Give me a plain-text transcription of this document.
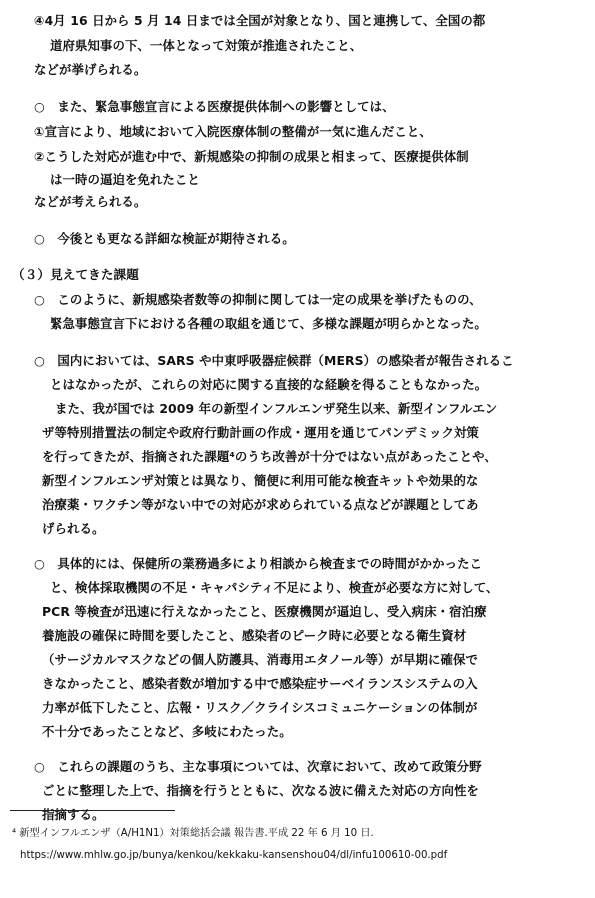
④4月 16 日から 5 月 14 日までは全国が対象となり、国と連携して、全国の都
道府県知事の下、一体となって対策が推進されたこと、
などが挙げられる。
○　また、緊急事態宣言による医療提供体制への影響としては、
①宣言により、地域において入院医療体制の整備が一気に進んだこと、
②こうした対応が進む中で、新規感染の抑制の成果と相まって、医療提供体制
は一時の逼迫を免れたこと
などが考えられる。
○　今後とも更なる詳細な検証が期待される。
（３）見えてきた課題
○　このように、新規感染者数等の抑制に関しては一定の成果を挙げたものの、
緊急事態宣言下における各種の取組を通じて、多様な課題が明らかとなった。
○　国内においては、SARS や中東呼吸器症候群（MERS）の感染者が報告されるこ
とはなかったが、これらの対応に関する直接的な経験を得ることもなかった。
また、我が国では 2009 年の新型インフルエンザ発生以来、新型インフルエン
ザ等特別措置法の制定や政府行動計画の作成・運用を通じてパンデミック対策
を行ってきたが、指摘された課題⁴のうち改善が十分ではない点があったことや、
新型インフルエンザ対策とは異なり、簡便に利用可能な検査キットや効果的な
治療薬・ワクチン等がない中での対応が求められている点などが課題としてあ
げられる。
○　具体的には、保健所の業務過多により相談から検査までの時間がかかったこ
と、検体採取機関の不足・キャパシティ不足により、検査が必要な方に対して、
PCR 等検査が迅速に行えなかったこと、医療機関が逼迫し、受入病床・宿泊療
養施設の確保に時間を要したこと、感染者のピーク時に必要となる衛生資材
（サージカルマスクなどの個人防護具、消毒用エタノール等）が早期に確保で
きなかったこと、感染者数が増加する中で感染症サーベイランスシステムの入
力率が低下したこと、広報・リスク／クライシスコミュニケーションの体制が
不十分であったことなど、多岐にわたった。
○　これらの課題のうち、主な事項については、次章において、改めて政策分野
ごとに整理した上で、指摘を行うとともに、次なる波に備えた対応の方向性を
指摘する。
⁴ 新型インフルエンザ（A/H1N1）対策総括会議 報告書.平成 22 年 6 月 10 日.
https://www.mhlw.go.jp/bunya/kenkou/kekkaku-kansenshou04/dl/infu100610-00.pdf
